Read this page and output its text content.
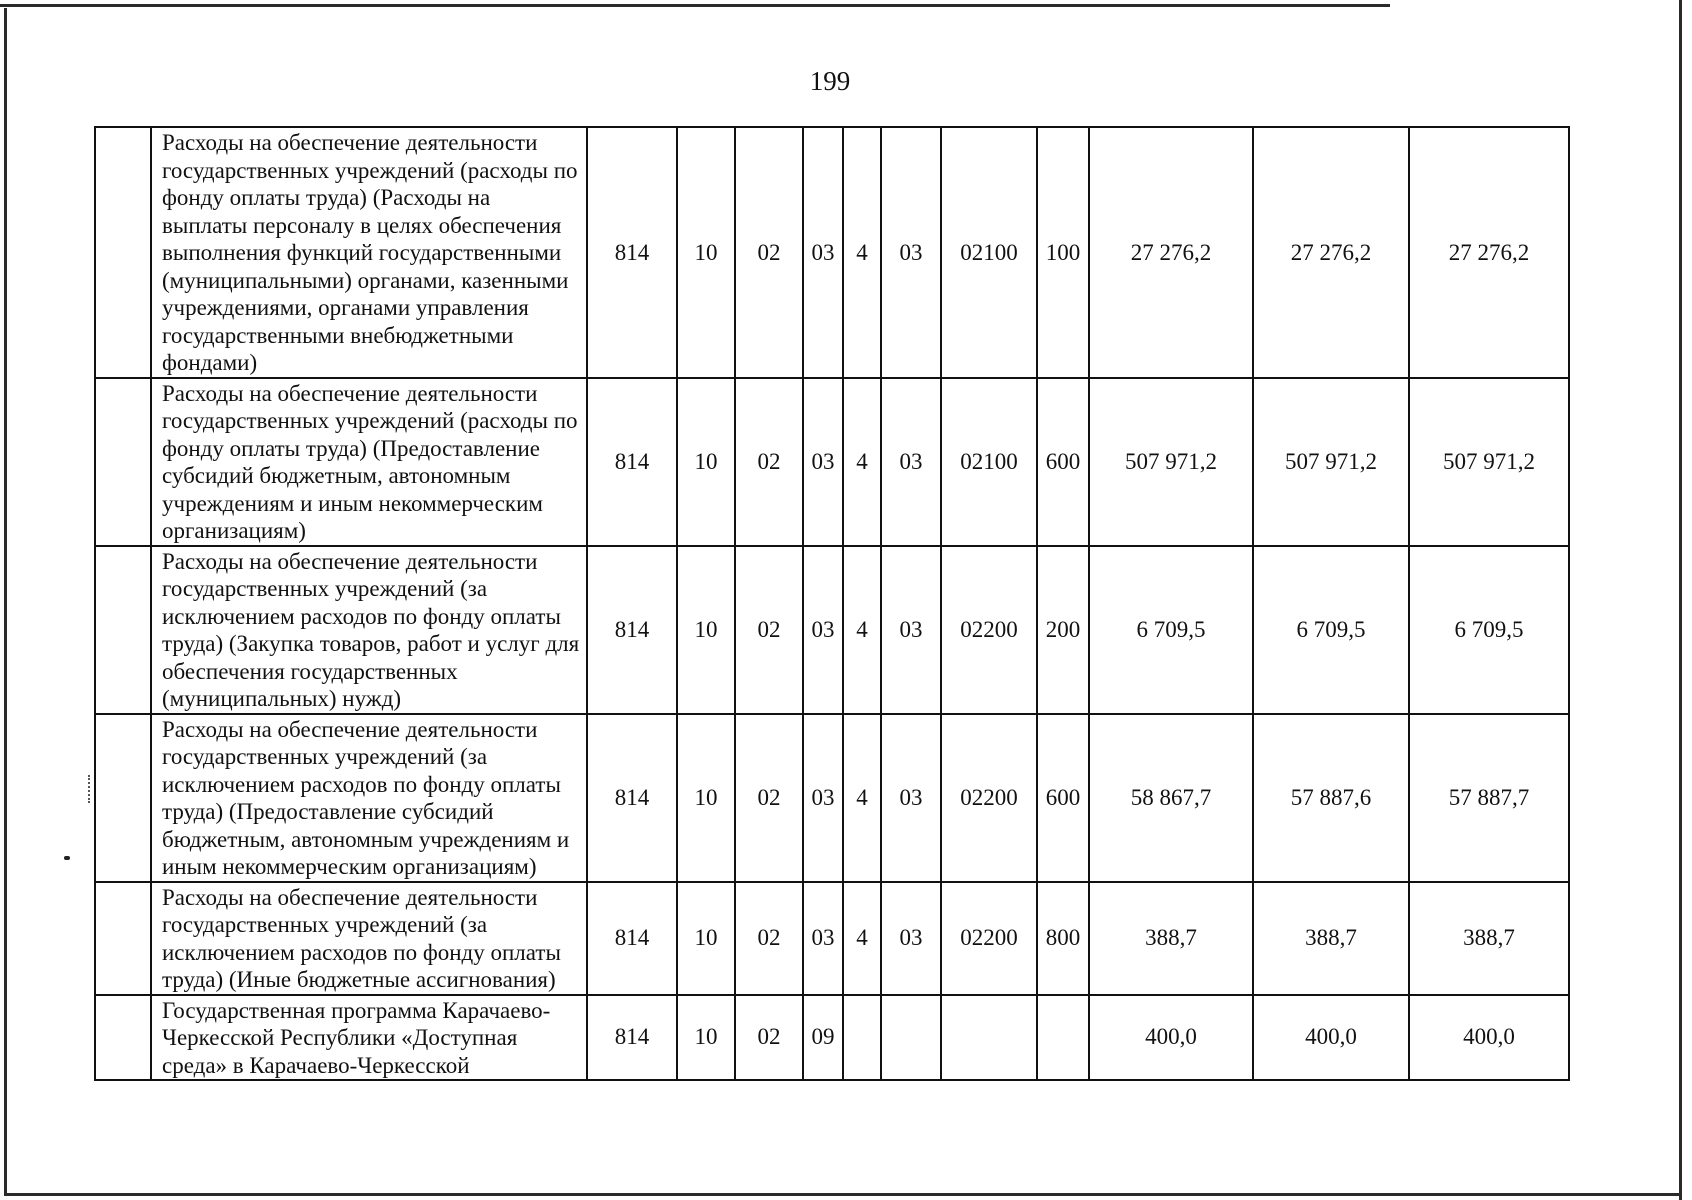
199
	Расходы на обеспечение деятельности государственных учреждений (расходы по фонду оплаты труда) (Расходы на выплаты персоналу в целях обеспечения выполнения функций государственными (муниципальными) органами, казенными учреждениями, органами управления государственными внебюджетными фондами)	814	10	02	03	4	03	02100	100	27 276,2	27 276,2	27 276,2
	Расходы на обеспечение деятельности государственных учреждений (расходы по фонду оплаты труда) (Предоставление субсидий бюджетным, автономным учреждениям и иным некоммерческим организациям)	814	10	02	03	4	03	02100	600	507 971,2	507 971,2	507 971,2
	Расходы на обеспечение деятельности государственных учреждений (за исключением расходов по фонду оплаты труда) (Закупка товаров, работ и услуг для обеспечения государственных (муниципальных) нужд)	814	10	02	03	4	03	02200	200	6 709,5	6 709,5	6 709,5
	Расходы на обеспечение деятельности государственных учреждений (за исключением расходов по фонду оплаты труда) (Предоставление субсидий бюджетным, автономным учреждениям и иным некоммерческим организациям)	814	10	02	03	4	03	02200	600	58 867,7	57 887,6	57 887,7
	Расходы на обеспечение деятельности государственных учреждений (за исключением расходов по фонду оплаты труда) (Иные бюджетные ассигнования)	814	10	02	03	4	03	02200	800	388,7	388,7	388,7

	Государственная программа Карачаево-Черкесской Республики «Доступная среда» в Карачаево-Черкесской	814	10	02	09					400,0	400,0	400,0
